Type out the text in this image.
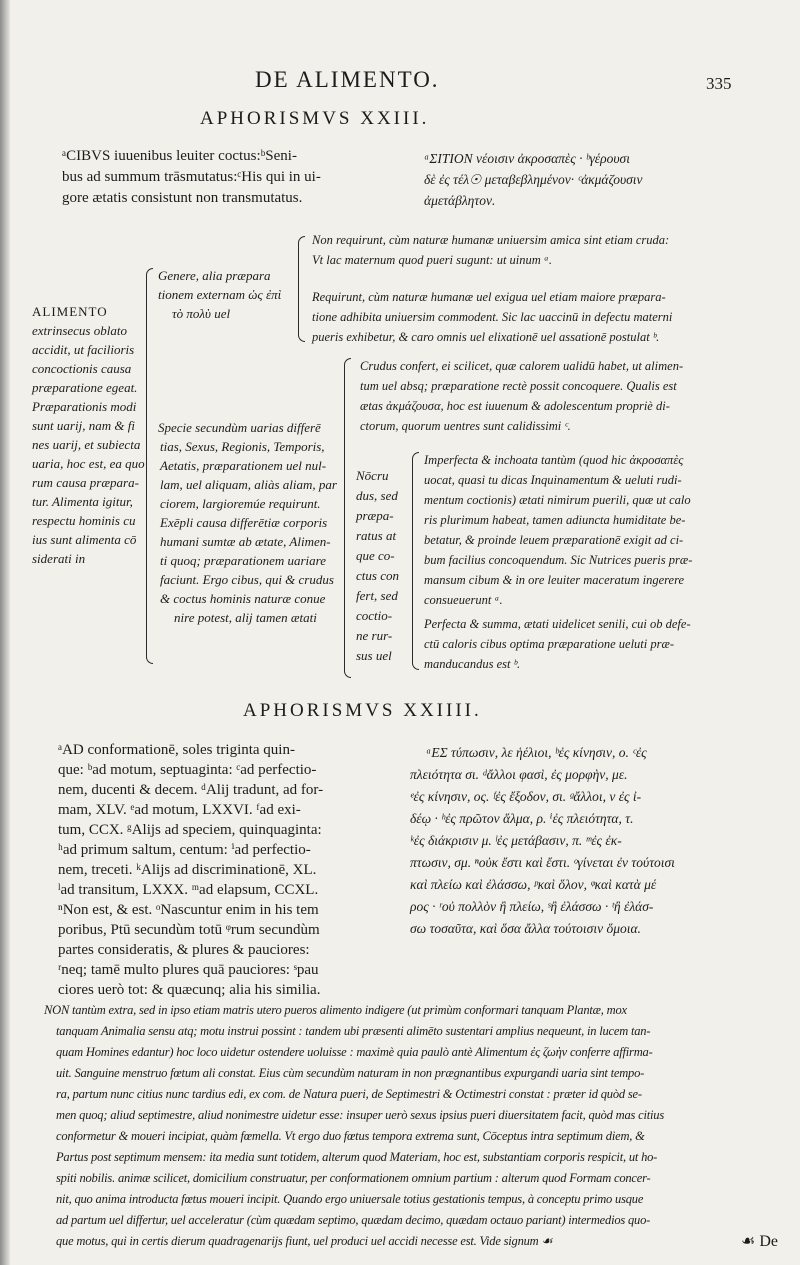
DE ALIMENTO.	335
APHORISMVS XXIII.
ᵃCIBVS iuuenibus leuiter coctus:ᵇSeni-
bus ad summum trāsmutatus:ᶜHis qui in ui-
gore ætatis consistunt non transmutatus.
ᵃΣΙΤΙΟΝ νέοισιν ἀκροσαπὲς · ᵇγέρουσι
δὲ ἐς τέλ☉ μεταβεβλημένον· ᶜἀκμάζουσιν
ἀμετάβλητον.
ALIMENTO
extrinsecus oblato
accidit, ut facilioris
concoctionis causa
præparatione egeat.
Præparationis modi
sunt uarij, nam & fi
nes uarij, et subiecta
uaria, hoc est, ea quo
rum causa præpara-
tur. Alimenta igitur,
respectu hominis cu
ius sunt alimenta cō
siderati in
Genere, alia præpara
tionem externam ὡς ἐπὶ
τὸ πολὺ uel
Non requirunt, cùm naturæ humanæ uniuersim amica sint etiam cruda:
Vt lac maternum quod pueri sugunt: ut uinum ᵃ.
Requirunt, cùm naturæ humanæ uel exigua uel etiam maiore præpara-
tione adhibita uniuersim commodent. Sic lac uaccinū in defectu materni
pueris exhibetur, & caro omnis uel elixationē uel assationē postulat ᵇ.
Specie secundùm uarias differē
tias, Sexus, Regionis, Temporis,
Aetatis, præparationem uel nul-
lam, uel aliquam, aliàs aliam, par
ciorem, largioremúe requirunt.
Exēpli causa differētiæ corporis
humani sumtæ ab ætate, Alimen-
ti quoq; præparationem uariare
faciunt. Ergo cibus, qui & crudus
& coctus hominis naturæ conue
nire potest, alij tamen ætati
Crudus confert, ei scilicet, quæ calorem ualidū habet, ut alimen-
tum uel absq; præparatione rectè possit concoquere. Qualis est
ætas ἀκμάζουσα, hoc est iuuenum & adolescentum propriè di-
ctorum, quorum uentres sunt calidissimi ᶜ.
Nōcru
dus, sed
præpa-
ratus at
que co-
ctus con
fert, sed
coctio-
ne rur-
sus uel
Imperfecta & inchoata tantùm (quod hic ἀκροσαπὲς
uocat, quasi tu dicas Inquinamentum & ueluti rudi-
mentum coctionis) ætati nimirum puerili, quæ ut calo
ris plurimum habeat, tamen adiuncta humiditate be-
betatur, & proinde leuem præparationē exigit ad ci-
bum facilius concoquendum. Sic Nutrices pueris præ-
mansum cibum & in ore leuiter maceratum ingerere
consueuerunt ᵃ.
Perfecta & summa, ætati uidelicet senili, cui ob defe-
ctū caloris cibus optima præparatione ueluti præ-
manducandus est ᵇ.
APHORISMVS XXIIII.
ᵃAD conformationē, soles triginta quin-
que: ᵇad motum, septuaginta: ᶜad perfectio-
nem, ducenti & decem. ᵈAlij tradunt, ad for-
mam, XLV. ᵉad motum, LXXVI. ᶠad exi-
tum, CCX. ᵍAlijs ad speciem, quinquaginta:
ʰad primum saltum, centum: ⁱad perfectio-
nem, treceti. ᵏAlijs ad discriminationē, XL.
ˡad transitum, LXXX. ᵐad elapsum, CCXL.
ⁿNon est, & est. ᵒNascuntur enim in his tem
poribus, Ptū secundùm totū ᵠrum secundùm
partes consideratis, & plures & pauciores:
ʳneq; tamē multo plures quā pauciores: ˢpau
ciores uerò tot: & quæcunq; alia his similia.
ᵃΕΣ τύπωσιν, λε ἡέλιοι, ᵇἐς κίνησιν, ο. ᶜἐς
πλειότητα σι. ᵈἄλλοι φασὶ, ἐς μορφὴν, με.
ᵉἐς κίνησιν, ος. ᶠἐς ἔξοδον, σι. ᵍἄλλοι, ν ἐς ἰ-
δέῳ · ʰἐς πρῶτον ἅλμα, ρ. ⁱἐς πλειότητα, τ.
ᵏἐς διάκρισιν μ. ˡἐς μετάβασιν, π. ᵐἐς ἐκ-
πτωσιν, σμ. ⁿοὐκ ἔστι καὶ ἔστι. ᵒγίνεται ἐν τούτοισι
καὶ πλείω καὶ ἐλάσσω, ᵖκαὶ ὅλον, ᵠκαὶ κατὰ μέ
ρος · ʳοὐ πολλὸν ἢ πλείω, ˢἢ ἐλάσσω · ᵗἢ ἐλάσ-
σω τοσαῦτα, καὶ ὅσα ἄλλα τούτοισιν ὅμοια.
NON tantùm extra, sed in ipso etiam matris utero pueros alimento indigere (ut primùm conformari tanquam Plantæ, mox
tanquam Animalia sensu atq; motu instrui possint : tandem ubi præsenti alimēto sustentari amplius nequeunt, in lucem tan-
quam Homines edantur) hoc loco uidetur ostendere uoluisse : maximè quia paulò antè Alimentum ἐς ζωὴν conferre affirma-
uit. Sanguine menstruo fœtum ali constat. Eius cùm secundùm naturam in non prægnantibus expurgandi uaria sint tempo-
ra, partum nunc citius nunc tardius edi, ex com. de Natura pueri, de Septimestri & Octimestri constat : præter id quòd se-
men quoq; aliud septimestre, aliud nonimestre uidetur esse: insuper uerò sexus ipsius pueri diuersitatem facit, quòd mas citius
conformetur & moueri incipiat, quàm fœmella. Vt ergo duo fœtus tempora extrema sunt, Cōceptus intra septimum diem, &
Partus post septimum mensem: ita media sunt totidem, alterum quod Materiam, hoc est, substantiam corporis respicit, ut ho-
spiti nobilis. animæ scilicet, domicilium construatur, per conformationem omnium partium : alterum quod Formam concer-
nit, quo anima introducta fœtus moueri incipit. Quando ergo uniuersale totius gestationis tempus, à conceptu primo usque
ad partum uel differtur, uel acceleratur (cùm quædam septimo, quædam decimo, quædam octauo pariant) intermedios quo-
que motus, qui in certis dierum quadragenarijs fiunt, uel produci uel accidi necesse est. Vide signum ☙	☙ De
